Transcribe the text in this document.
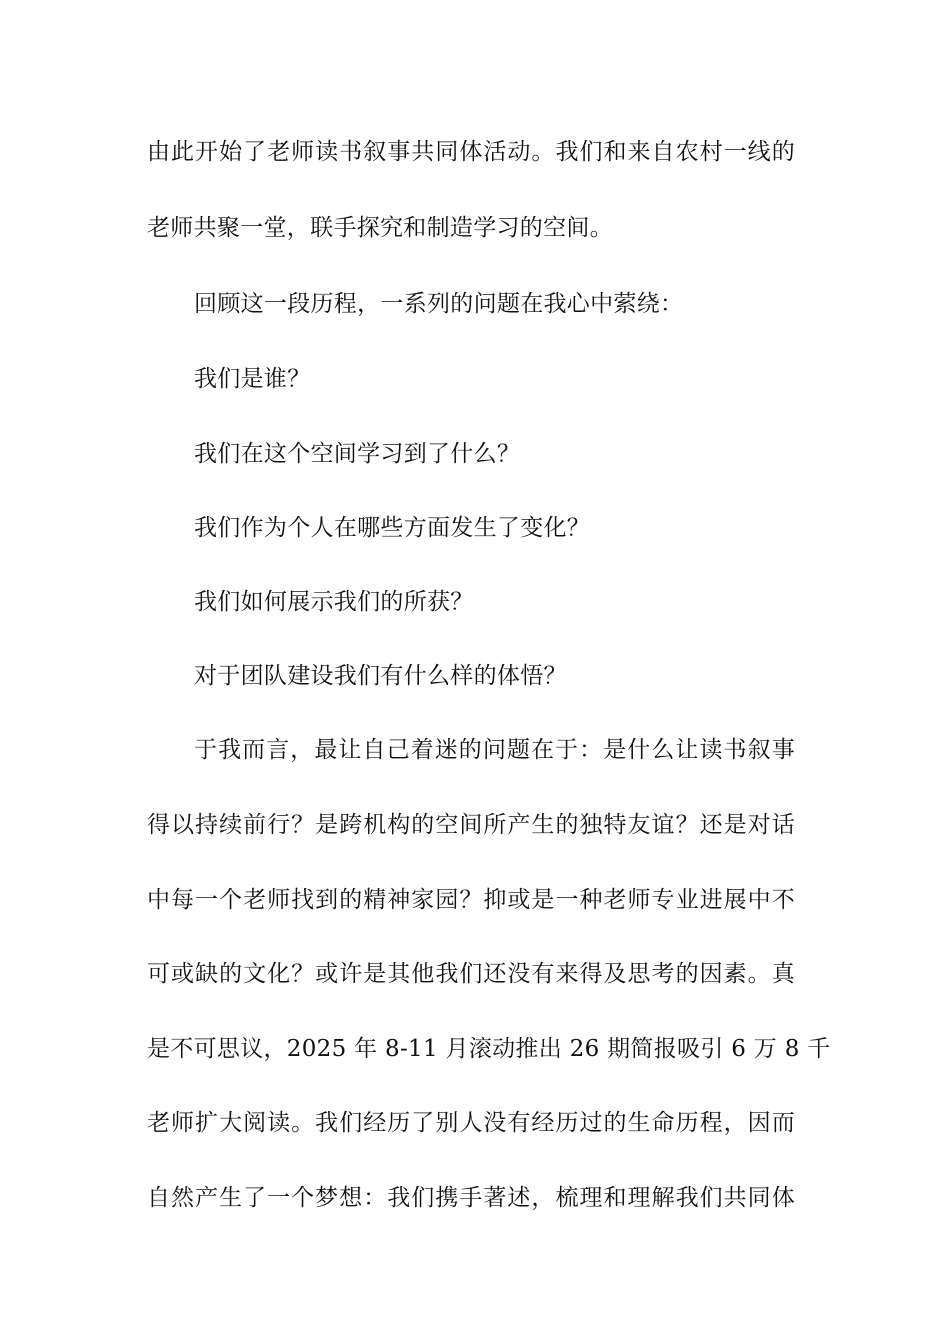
由此开始了老师读书叙事共同体活动。我们和来自农村一线的
老师共聚一堂，联手探究和制造学习的空间。
回顾这一段历程，一系列的问题在我心中萦绕：
我们是谁？
我们在这个空间学习到了什么？
我们作为个人在哪些方面发生了变化？
我们如何展示我们的所获？
对于团队建设我们有什么样的体悟？
于我而言，最让自己着迷的问题在于：是什么让读书叙事
得以持续前行？是跨机构的空间所产生的独特友谊？还是对话
中每一个老师找到的精神家园？抑或是一种老师专业进展中不
可或缺的文化？或许是其他我们还没有来得及思考的因素。真
是不可思议，2025 年 8-11 月滚动推出 26 期简报吸引 6 万 8 千
老师扩大阅读。我们经历了别人没有经历过的生命历程，因而
自然产生了一个梦想：我们携手著述，梳理和理解我们共同体
